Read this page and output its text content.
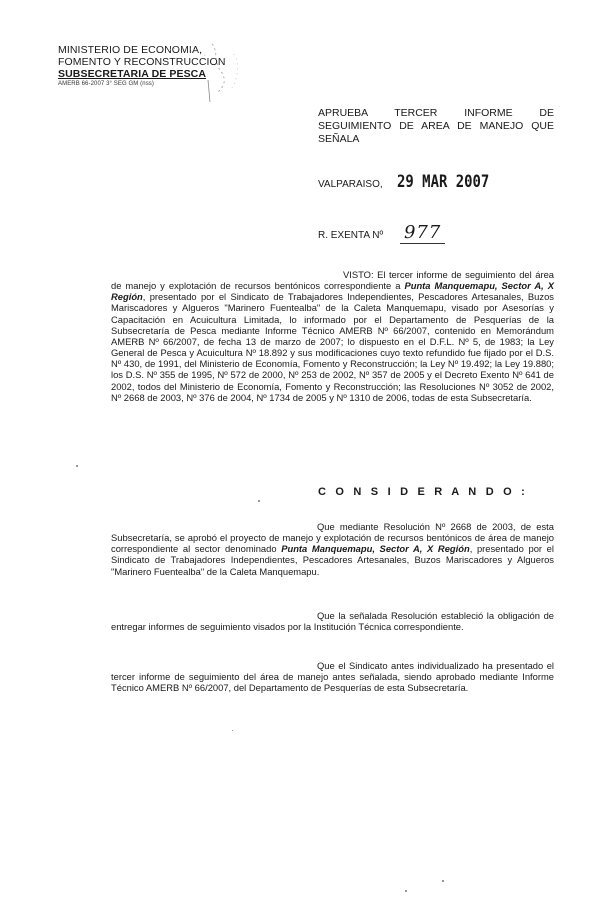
MINISTERIO DE ECONOMIA,
FOMENTO Y RECONSTRUCCION
SUBSECRETARIA DE PESCA
AMERB 66-2007 3° SEG GM (nss)
APRUEBA TERCER INFORME DE SEGUIMIENTO DE AREA DE MANEJO QUE SEÑALA
VALPARAISO, 29 MAR 2007
R. EXENTA Nº 977
VISTO: El tercer informe de seguimiento del área de manejo y explotación de recursos bentónicos correspondiente a Punta Manquemapu, Sector A, X Región, presentado por el Sindicato de Trabajadores Independientes, Pescadores Artesanales, Buzos Mariscadores y Algueros "Marinero Fuentealba" de la Caleta Manquemapu, visado por Asesorías y Capacitación en Acuicultura Limitada, lo informado por el Departamento de Pesquerías de la Subsecretaría de Pesca mediante Informe Técnico AMERB Nº 66/2007, contenido en Memorándum AMERB Nº 66/2007, de fecha 13 de marzo de 2007; lo dispuesto en el D.F.L. Nº 5, de 1983; la Ley General de Pesca y Acuicultura Nº 18.892 y sus modificaciones cuyo texto refundido fue fijado por el D.S. Nº 430, de 1991, del Ministerio de Economía, Fomento y Reconstrucción; la Ley Nº 19.492; la Ley 19.880; los D.S. Nº 355 de 1995, Nº 572 de 2000, Nº 253 de 2002, Nº 357 de 2005 y el Decreto Exento Nº 641 de 2002, todos del Ministerio de Economía, Fomento y Reconstrucción; las Resoluciones Nº 3052 de 2002, Nº 2668 de 2003, Nº 376 de 2004, Nº 1734 de 2005 y Nº 1310 de 2006, todas de esta Subsecretaría.
C O N S I D E R A N D O :
Que mediante Resolución Nº 2668 de 2003, de esta Subsecretaría, se aprobó el proyecto de manejo y explotación de recursos bentónicos de área de manejo correspondiente al sector denominado Punta Manquemapu, Sector A, X Región, presentado por el Sindicato de Trabajadores Independientes, Pescadores Artesanales, Buzos Mariscadores y Algueros "Marinero Fuentealba" de la Caleta Manquemapu.
Que la señalada Resolución estableció la obligación de entregar informes de seguimiento visados por la Institución Técnica correspondiente.
Que el Sindicato antes individualizado ha presentado el tercer informe de seguimiento del área de manejo antes señalada, siendo aprobado mediante Informe Técnico AMERB Nº 66/2007, del Departamento de Pesquerías de esta Subsecretaría.
